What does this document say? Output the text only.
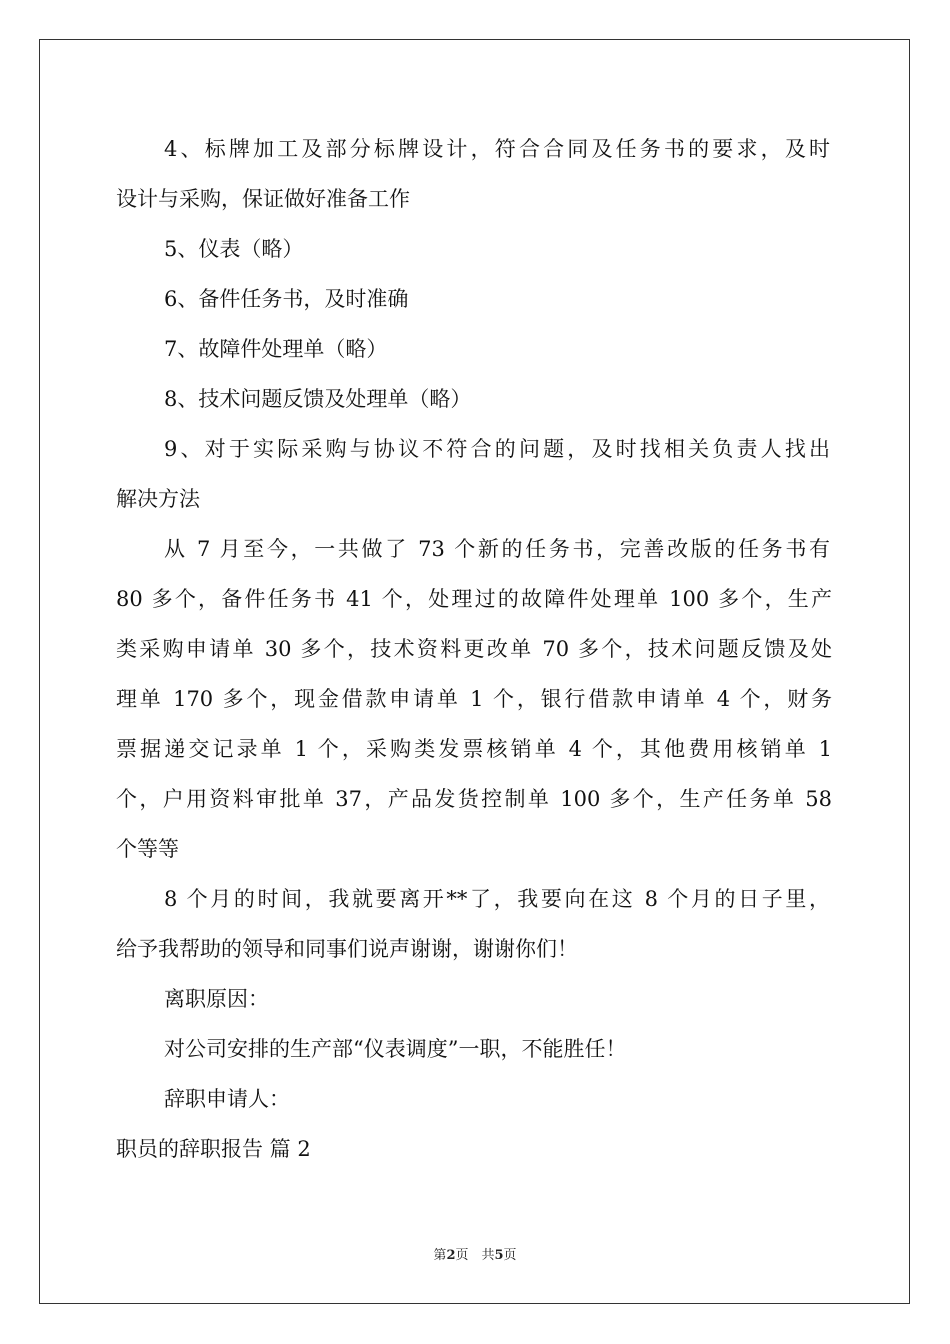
4、标牌加工及部分标牌设计，符合合同及任务书的要求，及时
设计与采购，保证做好准备工作
5、仪表（略）
6、备件任务书，及时准确
7、故障件处理单（略）
8、技术问题反馈及处理单（略）
9、对于实际采购与协议不符合的问题，及时找相关负责人找出
解决方法
从 7 月至今，一共做了 73 个新的任务书，完善改版的任务书有
80 多个，备件任务书 41 个，处理过的故障件处理单 100 多个，生产
类采购申请单 30 多个，技术资料更改单 70 多个，技术问题反馈及处
理单 170 多个，现金借款申请单 1 个，银行借款申请单 4 个，财务
票据递交记录单 1 个，采购类发票核销单 4 个，其他费用核销单 1
个，户用资料审批单 37，产品发货控制单 100 多个，生产任务单 58
个等等
8 个月的时间，我就要离开**了，我要向在这 8 个月的日子里，
给予我帮助的领导和同事们说声谢谢，谢谢你们！
离职原因：
对公司安排的生产部“仪表调度”一职，不能胜任！
辞职申请人：
职员的辞职报告 篇 2
第2页　共5页
